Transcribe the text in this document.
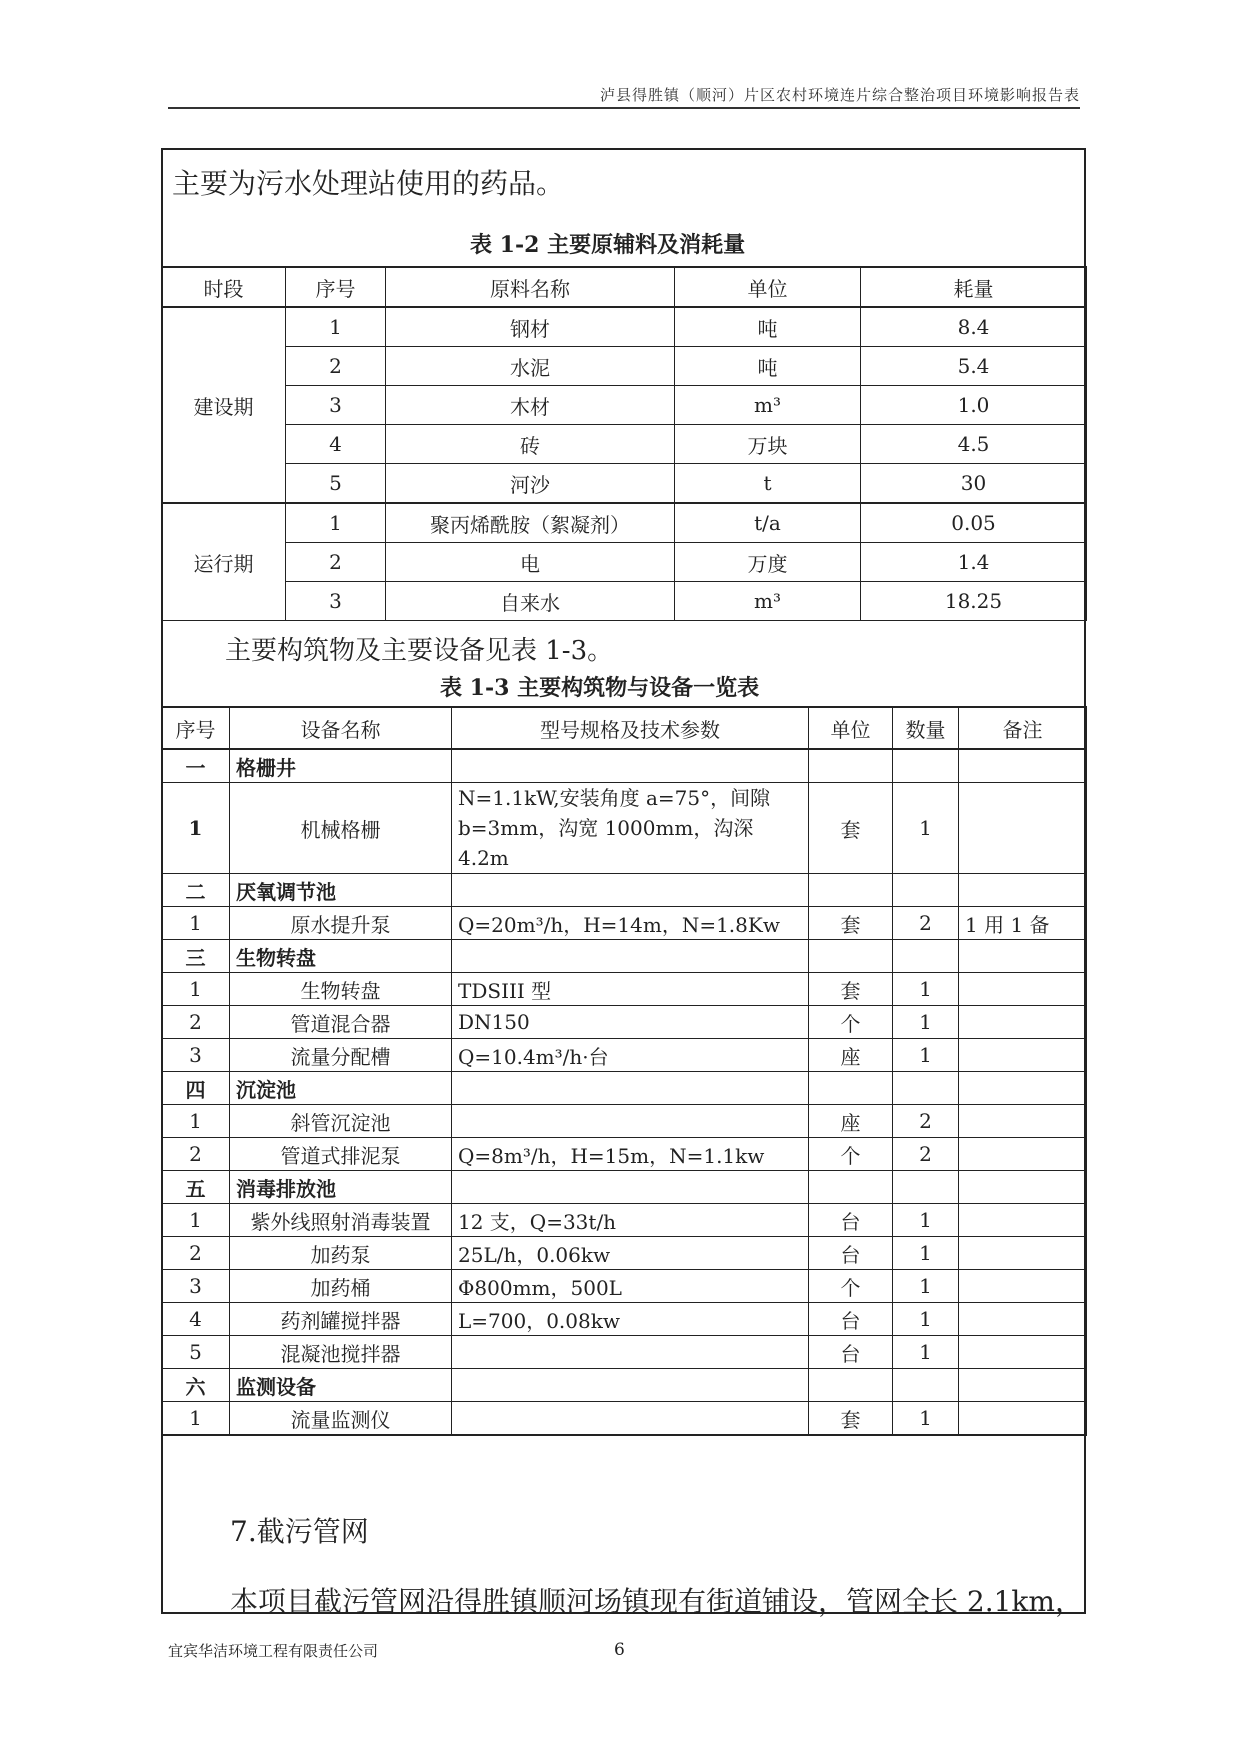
泸县得胜镇（顺河）片区农村环境连片综合整治项目环境影响报告表
主要为污水处理站使用的药品。
表 1-2 主要原辅料及消耗量
时段	序号	原料名称	单位	耗量
建设期	1	钢材	吨	8.4
	2	水泥	吨	5.4
	3	木材	m³	1.0
	4	砖	万块	4.5
	5	河沙	t	30
运行期	1	聚丙烯酰胺（絮凝剂）	t/a	0.05
	2	电	万度	1.4
	3	自来水	m³	18.25
主要构筑物及主要设备见表 1-3。
表 1-3 主要构筑物与设备一览表
序号	设备名称	型号规格及技术参数	单位	数量	备注
一	格栅井				
1	机械格栅	N=1.1kW,安装角度 a=75°，间隙 b=3mm，沟宽 1000mm，沟深 4.2m	套	1	
二	厌氧调节池				
1	原水提升泵	Q=20m³/h，H=14m，N=1.8Kw	套	2	1 用 1 备
三	生物转盘				
1	生物转盘	TDSIII 型	套	1	
2	管道混合器	DN150	个	1	
3	流量分配槽	Q=10.4m³/h·台	座	1	
四	沉淀池				
1	斜管沉淀池		座	2	
2	管道式排泥泵	Q=8m³/h，H=15m，N=1.1kw	个	2	
五	消毒排放池				
1	紫外线照射消毒装置	12 支，Q=33t/h	台	1	
2	加药泵	25L/h，0.06kw	台	1	
3	加药桶	Φ800mm，500L	个	1	
4	药剂罐搅拌器	L=700，0.08kw	台	1	
5	混凝池搅拌器		台	1	
六	监测设备				
1	流量监测仪		套	1	
7.截污管网
本项目截污管网沿得胜镇顺河场镇现有街道铺设，管网全长 2.1km，
宜宾华洁环境工程有限责任公司	6
